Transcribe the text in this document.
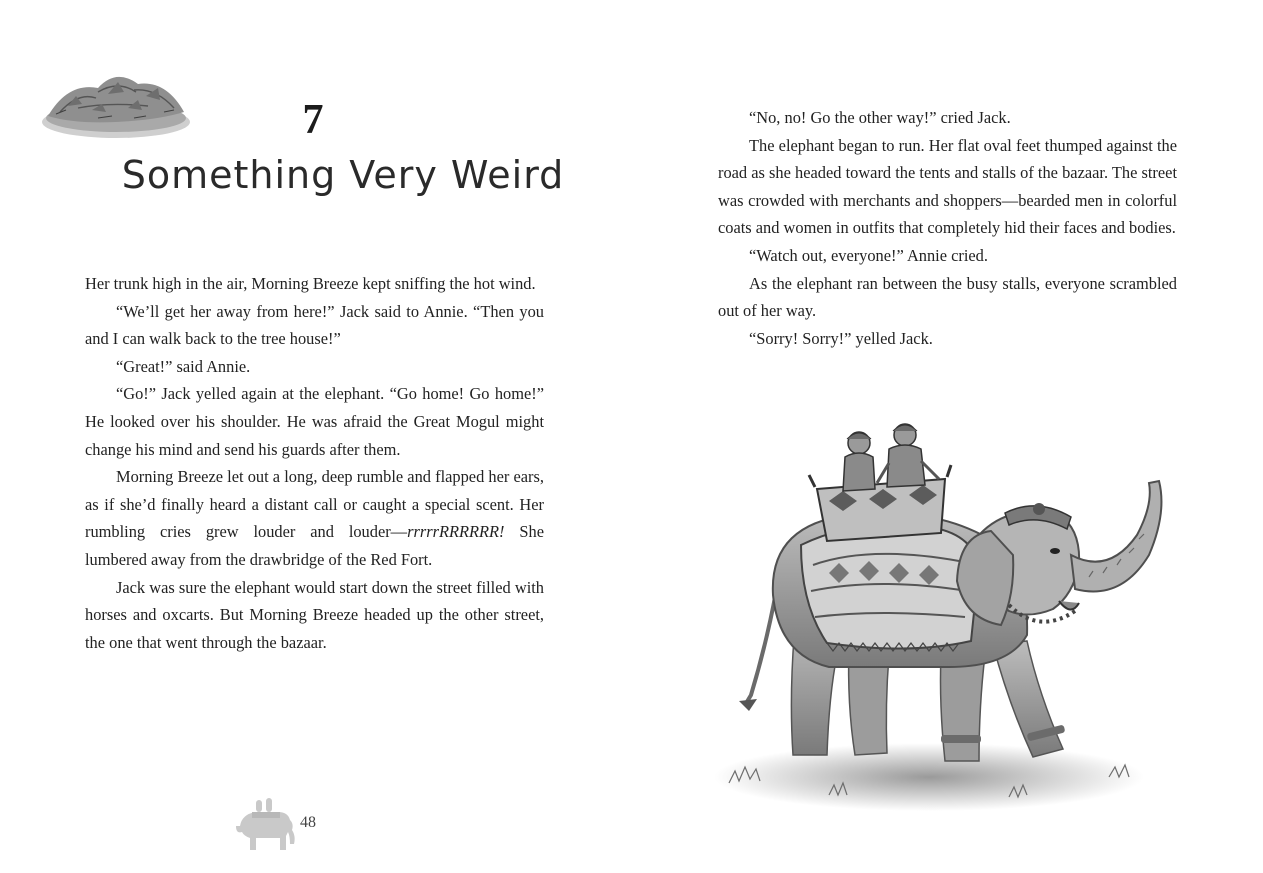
7
Something Very Weird

Her trunk high in the air, Morning Breeze kept sniffing the hot wind.

“We’ll get her away from here!” Jack said to Annie. “Then you and I can walk back to the tree house!”

“Great!” said Annie.

“Go!” Jack yelled again at the elephant. “Go home! Go home!” He looked over his shoulder. He was afraid the Great Mogul might change his mind and send his guards after them.

Morning Breeze let out a long, deep rumble and flapped her ears, as if she’d finally heard a distant call or caught a special scent. Her rumbling cries grew louder and louder—rrrrrRRRRRR! She lumbered away from the drawbridge of the Red Fort.

Jack was sure the elephant would start down the street filled with horses and oxcarts. But Morning Breeze headed up the other street, the one that went through the bazaar.

48

“No, no! Go the other way!” cried Jack.

The elephant began to run. Her flat oval feet thumped against the road as she headed toward the tents and stalls of the bazaar. The street was crowded with merchants and shoppers—bearded men in colorful coats and women in outfits that completely hid their faces and bodies.

“Watch out, everyone!” Annie cried.

As the elephant ran between the busy stalls, everyone scrambled out of her way.

“Sorry! Sorry!” yelled Jack.
